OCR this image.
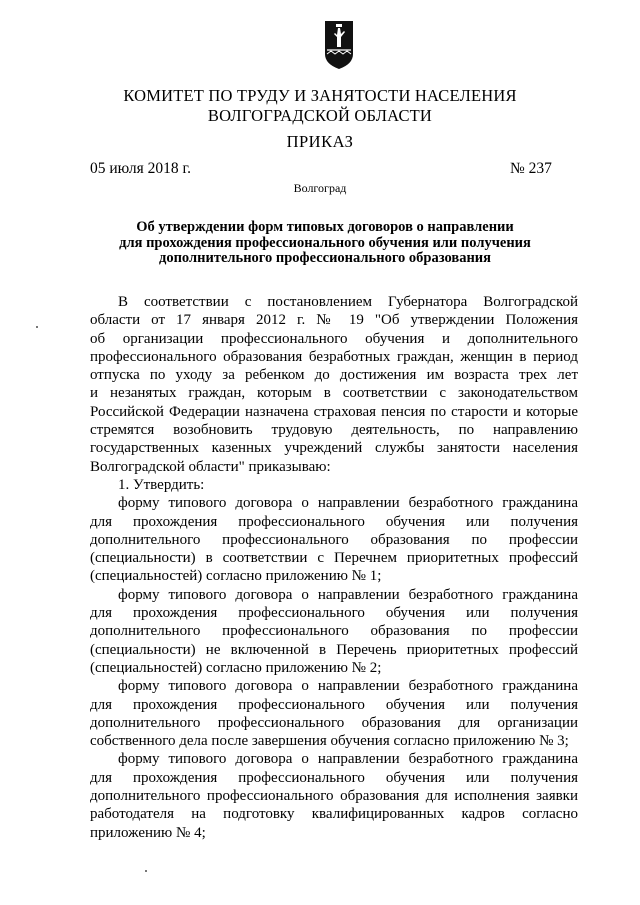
КОМИТЕТ ПО ТРУДУ И ЗАНЯТОСТИ НАСЕЛЕНИЯ
ВОЛГОГРАДСКОЙ ОБЛАСТИ
ПРИКАЗ
05 июля 2018 г.	№ 237
Волгоград
Об утверждении форм типовых договоров о направлении
для прохождения профессионального обучения или получения
дополнительного профессионального образования

В соответствии с постановлением Губернатора Волгоградской

области от 17 января 2012 г. № 19 "Об утверждении Положения

об организации профессионального обучения и дополнительного

профессионального образования безработных граждан, женщин в период

отпуска по уходу за ребенком до достижения им возраста трех лет

и незанятых граждан, которым в соответствии с законодательством

Российской Федерации назначена страховая пенсия по старости и которые

стремятся возобновить трудовую деятельность, по направлению

государственных казенных учреждений службы занятости населения

Волгоградской области" приказываю:

1. Утвердить:

форму типового договора о направлении безработного гражданина

для прохождения профессионального обучения или получения

дополнительного профессионального образования по профессии

(специальности) в соответствии с Перечнем приоритетных профессий

(специальностей) согласно приложению № 1;

форму типового договора о направлении безработного гражданина

для прохождения профессионального обучения или получения

дополнительного профессионального образования по профессии

(специальности) не включенной в Перечень приоритетных профессий

(специальностей) согласно приложению № 2;

форму типового договора о направлении безработного гражданина

для прохождения профессионального обучения или получения

дополнительного профессионального образования для организации

собственного дела после завершения обучения согласно приложению № 3;

форму типового договора о направлении безработного гражданина

для прохождения профессионального обучения или получения

дополнительного профессионального образования для исполнения заявки

работодателя на подготовку квалифицированных кадров согласно

приложению № 4;
